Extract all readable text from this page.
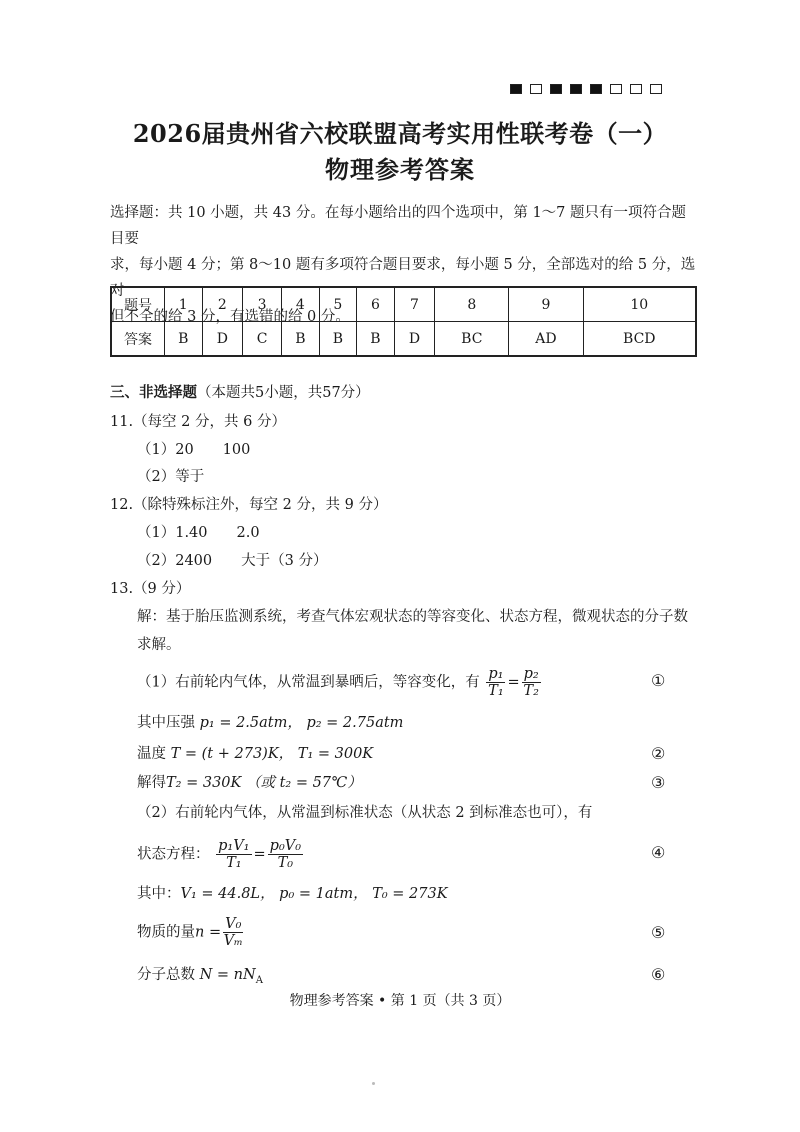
2026届贵州省六校联盟高考实用性联考卷（一）
物理参考答案
选择题：共 10 小题，共 43 分。在每小题给出的四个选项中，第 1～7 题只有一项符合题目要
求，每小题 4 分；第 8～10 题有多项符合题目要求，每小题 5 分，全部选对的给 5 分，选对
但不全的给 3 分，有选错的给 0 分。
题号	1	2	3	4	5	6	7	8	9	10
答案	B	D	C	B	B	B	D	BC	AD	BCD
三、非选择题（本题共5小题，共57分）
11.（每空 2 分，共 6 分）
（1）20　　100
（2）等于
12.（除特殊标注外，每空 2 分，共 9 分）
（1）1.40　　2.0
（2）2400　　大于（3 分）
13.（9 分）
解：基于胎压监测系统，考查气体宏观状态的等容变化、状态方程，微观状态的分子数
求解。
（1）右前轮内气体，从常温到暴晒后，等容变化，有 $\frac{\text{p₁}}{\text{T₁}} = \frac{\text{p₂}}{\text{T₂}}$	①
其中压强 p₁ = 2.5atm， p₂ = 2.75atm
温度 T = (t + 273)K， T₁ = 300K	②
解得T₂ = 330K （或 t₂ = 57℃）	③
（2）右前轮内气体，从常温到标准状态（从状态 2 到标准态也可），有
状态方程： $\frac{\text{p₁V₁}}{\text{T₁}} = \frac{\text{p₀V₀}}{\text{T₀}}$	④
其中：V₁ = 44.8L， p₀ = 1atm， T₀ = 273K
物质的量$n = \frac{\text{V₀}}{\text{Vₘ}}$	⑤
分子总数 $N = nN_A$	⑥
物理参考答案 • 第 1 页（共 3 页）
